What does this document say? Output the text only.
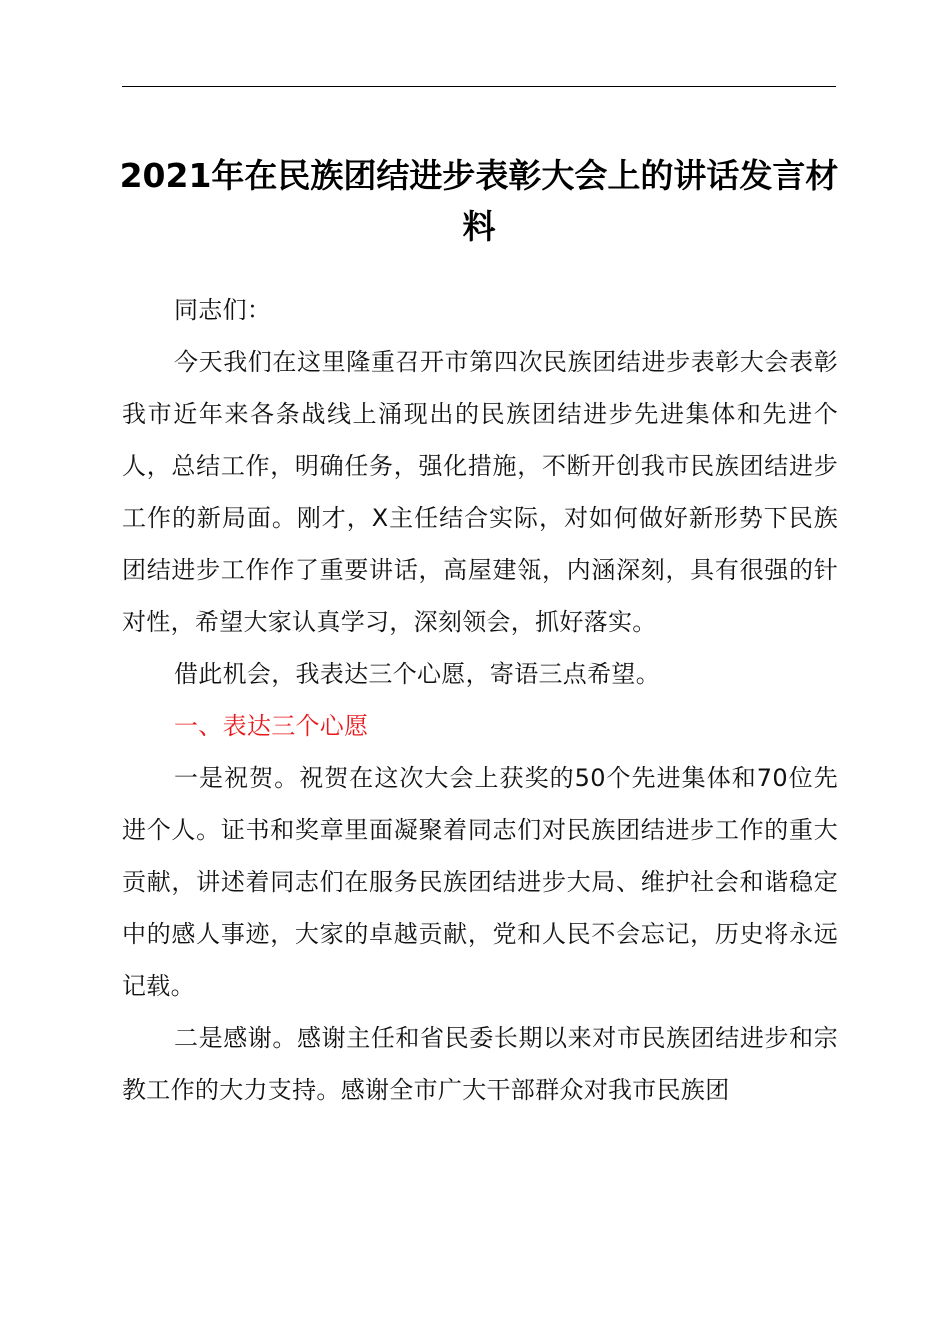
2021年在民族团结进步表彰大会上的讲话发言材料

同志们：

今天我们在这里隆重召开市第四次民族团结进步表彰大会表彰我市近年来各条战线上涌现出的民族团结进步先进集体和先进个人，总结工作，明确任务，强化措施，不断开创我市民族团结进步工作的新局面。刚才，X主任结合实际，对如何做好新形势下民族团结进步工作作了重要讲话，高屋建瓴，内涵深刻，具有很强的针对性，希望大家认真学习，深刻领会，抓好落实。

借此机会，我表达三个心愿，寄语三点希望。

一、表达三个心愿

一是祝贺。祝贺在这次大会上获奖的50个先进集体和70位先进个人。证书和奖章里面凝聚着同志们对民族团结进步工作的重大贡献，讲述着同志们在服务民族团结进步大局、维护社会和谐稳定中的感人事迹，大家的卓越贡献，党和人民不会忘记，历史将永远记载。

二是感谢。感谢主任和省民委长期以来对市民族团结进步和宗教工作的大力支持。感谢全市广大干部群众对我市民族团
